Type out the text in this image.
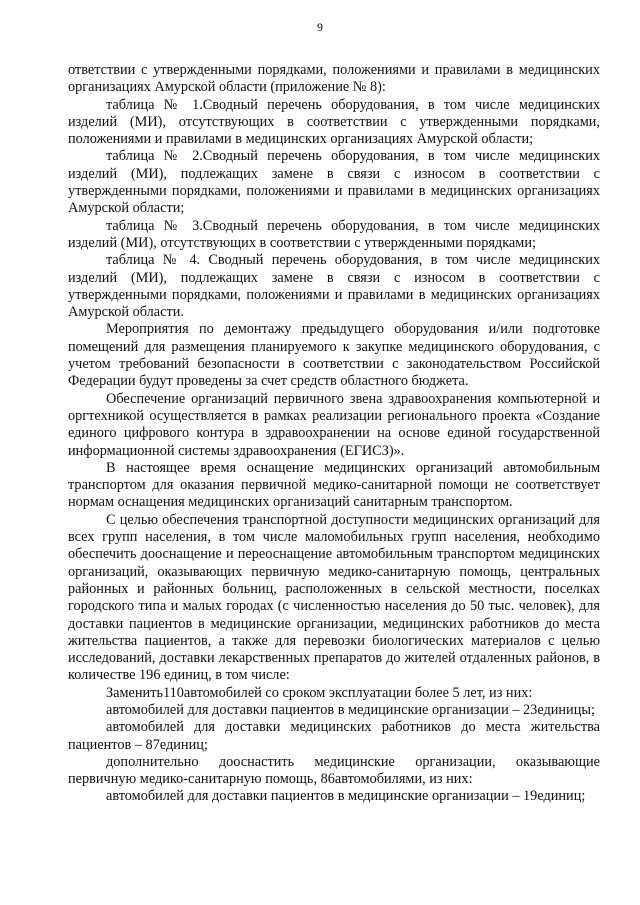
9

ответствии с утвержденными порядками, положениями и правилами в медицинских организациях Амурской области (приложение № 8):

таблица № 1.Сводный перечень оборудования, в том числе медицинских изделий (МИ), отсутствующих в соответствии с утвержденными порядками, положениями и правилами в медицинских организациях Амурской области;

таблица № 2.Сводный перечень оборудования, в том числе медицинских изделий (МИ), подлежащих замене в связи с износом в соответствии с утвержденными порядками, положениями и правилами в медицинских организациях Амурской области;

таблица № 3.Сводный перечень оборудования, в том числе медицинских изделий (МИ), отсутствующих в соответствии с утвержденными порядками;

таблица № 4. Сводный перечень оборудования, в том числе медицинских изделий (МИ), подлежащих замене в связи с износом в соответствии с утвержденными порядками, положениями и правилами в медицинских организациях Амурской области.

Мероприятия по демонтажу предыдущего оборудования и/или подготовке помещений для размещения планируемого к закупке медицинского оборудования, с учетом требований безопасности в соответствии с законодательством Российской Федерации будут проведены за счет средств областного бюджета.

Обеспечение организаций первичного звена здравоохранения компьютерной и оргтехникой осуществляется в рамках реализации регионального проекта «Создание единого цифрового контура в здравоохранении на основе единой государственной информационной системы здравоохранения (ЕГИСЗ)».

В настоящее время оснащение медицинских организаций автомобильным транспортом для оказания первичной медико-санитарной помощи не соответствует нормам оснащения медицинских организаций санитарным транспортом.

С целью обеспечения транспортной доступности медицинских организаций для всех групп населения, в том числе маломобильных групп населения, необходимо обеспечить дооснащение и переоснащение автомобильным транспортом медицинских организаций, оказывающих первичную медико-санитарную помощь, центральных районных и районных больниц, расположенных в сельской местности, поселках городского типа и малых городах (с численностью населения до 50 тыс. человек), для доставки пациентов в медицинские организации, медицинских работников до места жительства пациентов, а также для перевозки биологических материалов с целью исследований, доставки лекарственных препаратов до жителей отдаленных районов, в количестве 196 единиц, в том числе:

Заменить110автомобилей со сроком эксплуатации более 5 лет, из них:

автомобилей для доставки пациентов в медицинские организации – 23единицы;

автомобилей для доставки медицинских работников до места жительства пациентов – 87единиц;

дополнительно дооснастить медицинские организации, оказывающие первичную медико-санитарную помощь, 86автомобилями, из них:

автомобилей для доставки пациентов в медицинские организации – 19единиц;
